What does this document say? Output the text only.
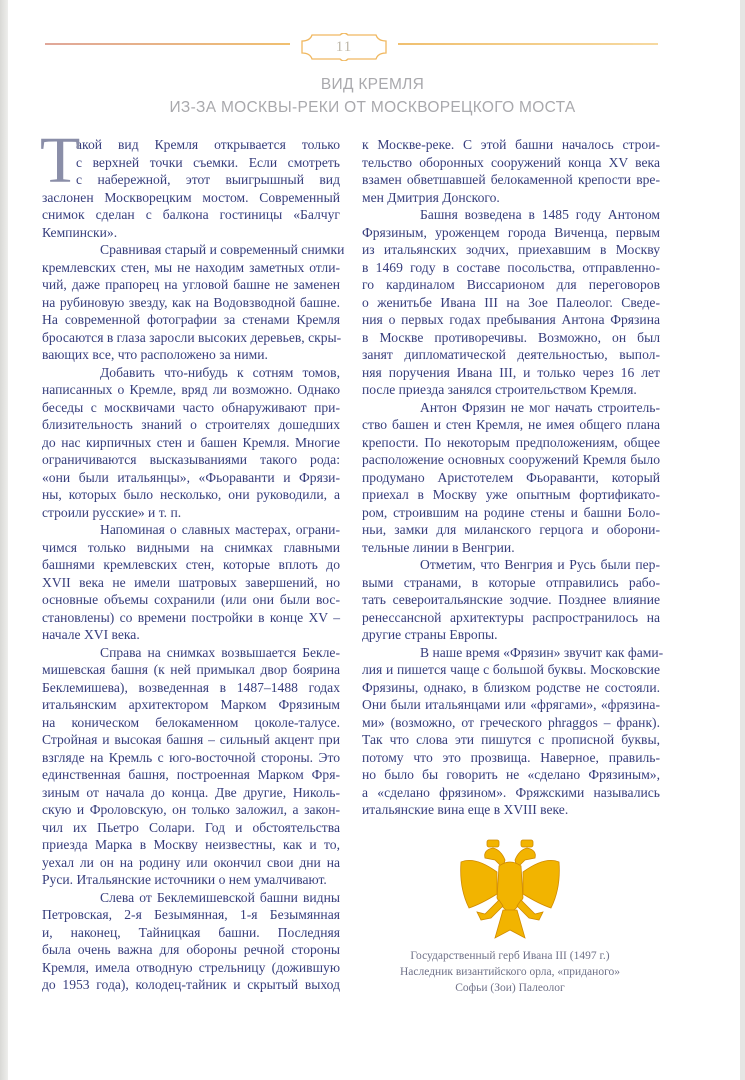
11
ВИД КРЕМЛЯ
ИЗ-ЗА МОСКВЫ-РЕКИ ОТ МОСКВОРЕЦКОГО МОСТА
Т
акой вид Кремля открывается только
с верхней точки съемки. Если смотреть
с набережной, этот выигрышный вид
заслонен Москворецким мостом. Современный
снимок сделан с балкона гостиницы «Балчуг
Кемпински».
Сравнивая старый и современный снимки
кремлевских стен, мы не находим заметных отли-
чий, даже прапорец на угловой башне не заменен
на рубиновую звезду, как на Водовзводной башне.
На современной фотографии за стенами Кремля
бросаются в глаза заросли высоких деревьев, скры-
вающих все, что расположено за ними.
Добавить что-нибудь к сотням томов,
написанных о Кремле, вряд ли возможно. Однако
беседы с москвичами часто обнаруживают при-
близительность знаний о строителях дошедших
до нас кирпичных стен и башен Кремля. Многие
ограничиваются высказываниями такого рода:
«они были итальянцы», «Фьораванти и Фрязи-
ны, которых было несколько, они руководили, а
строили русские» и т. п.
Напоминая о славных мастерах, ограни-
чимся только видными на снимках главными
башнями кремлевских стен, которые вплоть до
XVII века не имели шатровых завершений, но
основные объемы сохранили (или они были вос-
становлены) со времени постройки в конце XV –
начале XVI века.
Справа на снимках возвышается Бекле-
мишевская башня (к ней примыкал двор боярина
Беклемишева), возведенная в 1487–1488 годах
итальянским архитектором Марком Фрязиным
на коническом белокаменном цоколе-талусе.
Стройная и высокая башня – сильный акцент при
взгляде на Кремль с юго-восточной стороны. Это
единственная башня, построенная Марком Фря-
зиным от начала до конца. Две другие, Николь-
скую и Фроловскую, он только заложил, а закон-
чил их Пьетро Солари. Год и обстоятельства
приезда Марка в Москву неизвестны, как и то,
уехал ли он на родину или окончил свои дни на
Руси. Итальянские источники о нем умалчивают.
Слева от Беклемишевской башни видны
Петровская, 2-я Безымянная, 1-я Безымянная
и, наконец, Тайницкая башни. Последняя
была очень важна для обороны речной стороны
Кремля, имела отводную стрельницу (дожившую
до 1953 года), колодец-тайник и скрытый выход
к Москве-реке. С этой башни началось строи-
тельство оборонных сооружений конца XV века
взамен обветшавшей белокаменной крепости вре-
мен Дмитрия Донского.
Башня возведена в 1485 году Антоном
Фрязиным, уроженцем города Виченца, первым
из итальянских зодчих, приехавшим в Москву
в 1469 году в составе посольства, отправленно-
го кардиналом Виссарионом для переговоров
о женитьбе Ивана III на Зое Палеолог. Сведе-
ния о первых годах пребывания Антона Фрязина
в Москве противоречивы. Возможно, он был
занят дипломатической деятельностью, выпол-
няя поручения Ивана III, и только через 16 лет
после приезда занялся строительством Кремля.
Антон Фрязин не мог начать строитель-
ство башен и стен Кремля, не имея общего плана
крепости. По некоторым предположениям, общее
расположение основных сооружений Кремля было
продумано Аристотелем Фьораванти, который
приехал в Москву уже опытным фортификато-
ром, строившим на родине стены и башни Боло-
ньи, замки для миланского герцога и оборони-
тельные линии в Венгрии.
Отметим, что Венгрия и Русь были пер-
выми странами, в которые отправились рабо-
тать североитальянские зодчие. Позднее влияние
ренессансной архитектуры распространилось на
другие страны Европы.
В наше время «Фрязин» звучит как фами-
лия и пишется чаще с большой буквы. Московские
Фрязины, однако, в близком родстве не состояли.
Они были итальянцами или «фрягами», «фрязина-
ми» (возможно, от греческого phraggos – франк).
Так что слова эти пишутся с прописной буквы,
потому что это прозвища. Наверное, правиль-
но было бы говорить не «сделано Фрязиным»,
а «сделано фрязином». Фряжскими назывались
итальянские вина еще в XVIII веке.
Государственный герб Ивана III (1497 г.)
Наследник византийского орла, «приданого»
Софьи (Зои) Палеолог
